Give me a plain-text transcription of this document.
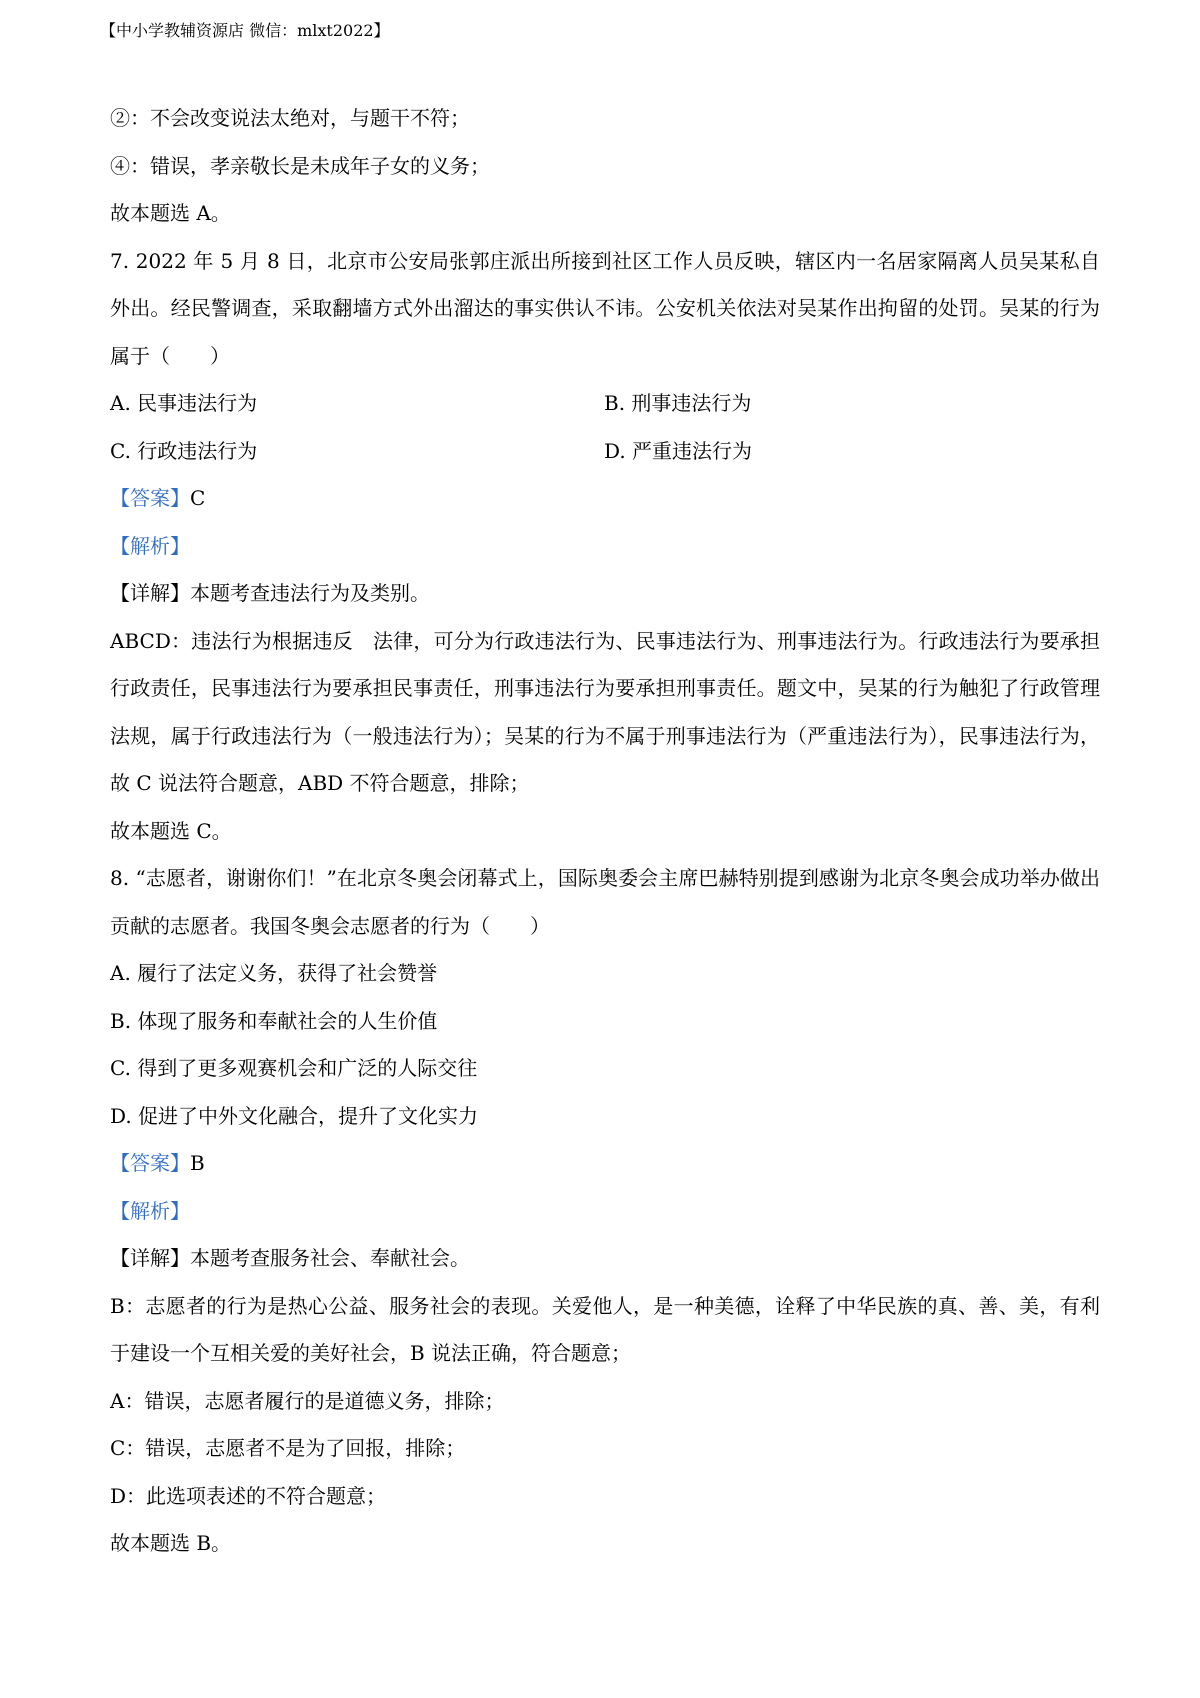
【中小学教辅资源店 微信：mlxt2022】

②：不会改变说法太绝对，与题干不符；

④：错误，孝亲敬长是未成年子女的义务；

故本题选 A。

7. 2022 年 5 月 8 日，北京市公安局张郭庄派出所接到社区工作人员反映，辖区内一名居家隔离人员吴某私自外出。经民警调查，采取翻墙方式外出溜达的事实供认不讳。公安机关依法对吴某作出拘留的处罚。吴某的行为属于（　　）

A. 民事违法行为	B. 刑事违法行为
C. 行政违法行为	D. 严重违法行为

【答案】C

【解析】

【详解】本题考查违法行为及类别。

ABCD：违法行为根据违反　法律，可分为行政违法行为、民事违法行为、刑事违法行为。行政违法行为要承担行政责任，民事违法行为要承担民事责任，刑事违法行为要承担刑事责任。题文中，吴某的行为触犯了行政管理法规，属于行政违法行为（一般违法行为）；吴某的行为不属于刑事违法行为（严重违法行为），民事违法行为，故 C 说法符合题意，ABD 不符合题意，排除；

故本题选 C。

8. “志愿者，谢谢你们！”在北京冬奥会闭幕式上，国际奥委会主席巴赫特别提到感谢为北京冬奥会成功举办做出贡献的志愿者。我国冬奥会志愿者的行为（　　）

A. 履行了法定义务，获得了社会赞誉

B. 体现了服务和奉献社会的人生价值

C. 得到了更多观赛机会和广泛的人际交往

D. 促进了中外文化融合，提升了文化实力

【答案】B

【解析】

【详解】本题考查服务社会、奉献社会。

B：志愿者的行为是热心公益、服务社会的表现。关爱他人，是一种美德，诠释了中华民族的真、善、美，有利于建设一个互相关爱的美好社会，B 说法正确，符合题意；

A：错误，志愿者履行的是道德义务，排除；

C：错误，志愿者不是为了回报，排除；

D：此选项表述的不符合题意；

故本题选 B。
